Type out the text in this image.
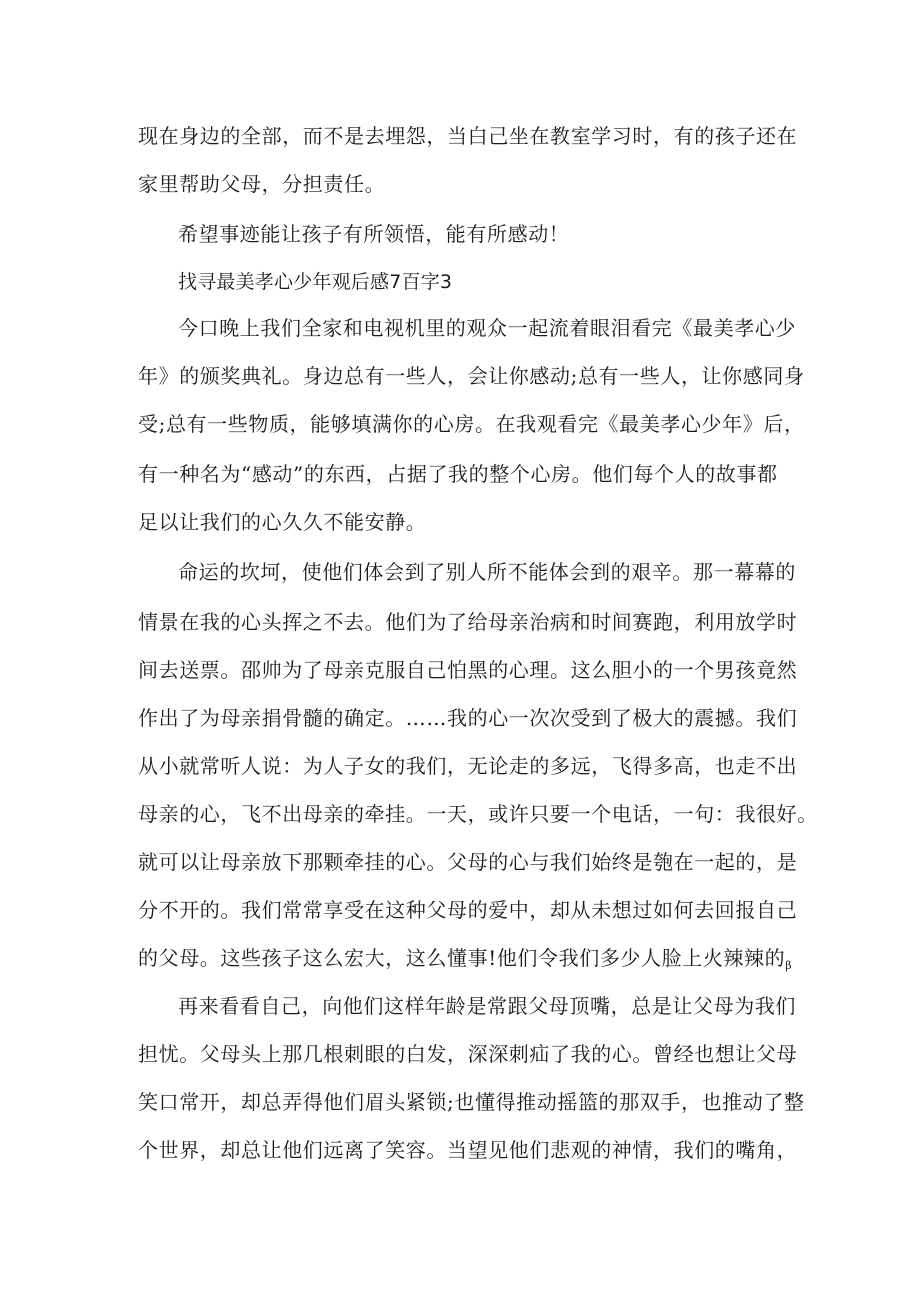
现在身边的全部，而不是去埋怨，当白己坐在教室学习时，有的孩子还在
家里帮助父母，分担责任。
希望事迹能让孩子有所领悟，能有所感动！
找寻最美孝心少年观后感7百字3
今口晚上我们全家和电视机里的观众一起流着眼泪看完《最美孝心少
年》的颁奖典礼。身边总有一些人，会让你感动;总有一些人，让你感同身
受;总有一些物质，能够填满你的心房。在我观看完《最美孝心少年》后，
有一种名为“感动”的东西，占据了我的整个心房。他们每个人的故事都
足以让我们的心久久不能安静。
命运的坎坷，使他们体会到了别人所不能体会到的艰辛。那一幕幕的
情景在我的心头挥之不去。他们为了给母亲治病和时间赛跑，利用放学时
间去送票。邵帅为了母亲克服自己怕黑的心理。这么胆小的一个男孩竟然
作出了为母亲捐骨髓的确定。……我的心一次次受到了极大的震撼。我们
从小就常听人说：为人子女的我们，无论走的多远，飞得多高，也走不出
母亲的心，飞不出母亲的牵挂。一天，或许只要一个电话，一句：我很好。
就可以让母亲放下那颗牵挂的心。父母的心与我们始终是匏在一起的，是
分不开的。我们常常享受在这种父母的爱中，却从未想过如何去回报自己
的父母。这些孩子这么宏大，这么懂事!他们令我们多少人脸上火辣辣的$_\beta$
再来看看自己，向他们这样年龄是常跟父母顶嘴，总是让父母为我们
担忧。父母头上那几根刺眼的白发，深深刺疝了我的心。曾经也想让父母
笑口常开，却总弄得他们眉头紧锁;也懂得推动摇篮的那双手，也推动了整
个世界，却总让他们远离了笑容。当望见他们悲观的神情，我们的嘴角，
